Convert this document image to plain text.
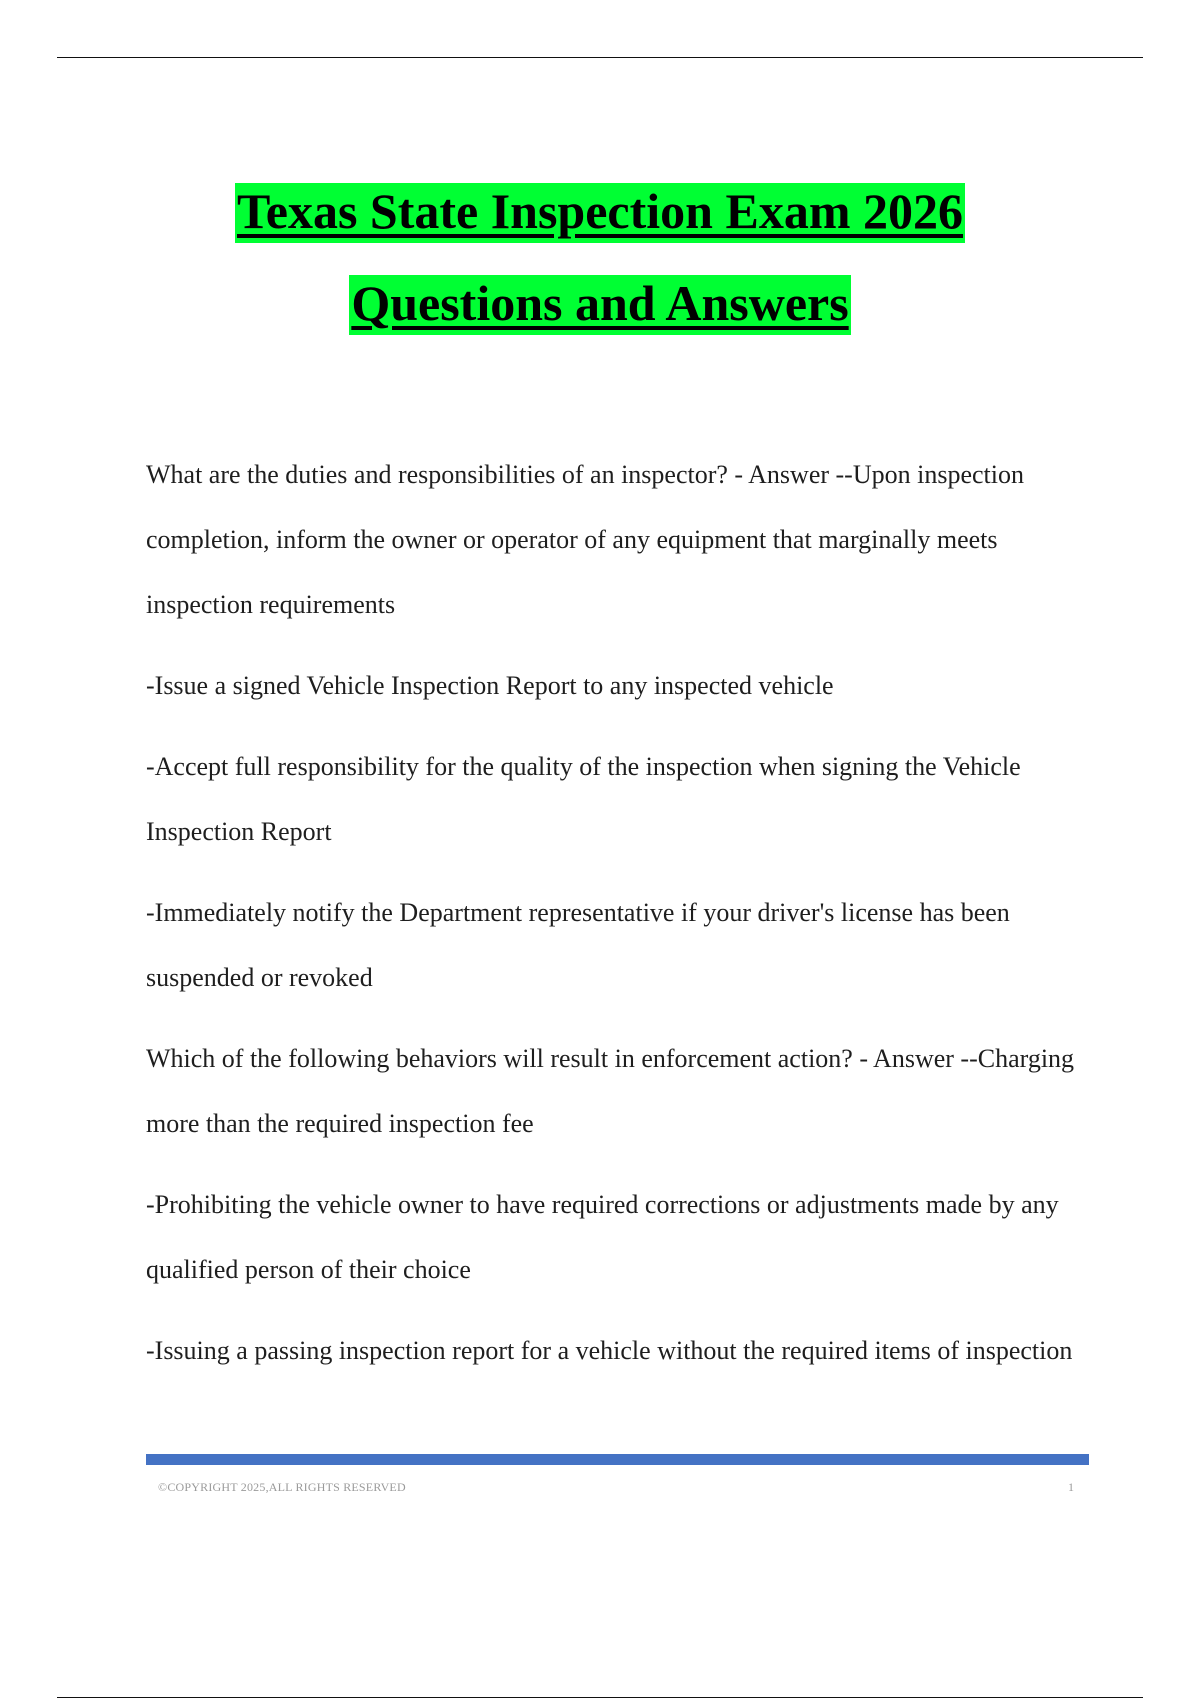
Texas State Inspection Exam 2026
Questions and Answers

What are the duties and responsibilities of an inspector? - Answer --Upon inspection completion, inform the owner or operator of any equipment that marginally meets inspection requirements

-Issue a signed Vehicle Inspection Report to any inspected vehicle

-Accept full responsibility for the quality of the inspection when signing the Vehicle Inspection Report

-Immediately notify the Department representative if your driver's license has been suspended or revoked

Which of the following behaviors will result in enforcement action? - Answer --Charging more than the required inspection fee

-Prohibiting the vehicle owner to have required corrections or adjustments made by any qualified person of their choice

-Issuing a passing inspection report for a vehicle without the required items of inspection

©COPYRIGHT 2025,ALL RIGHTS RESERVED	1
